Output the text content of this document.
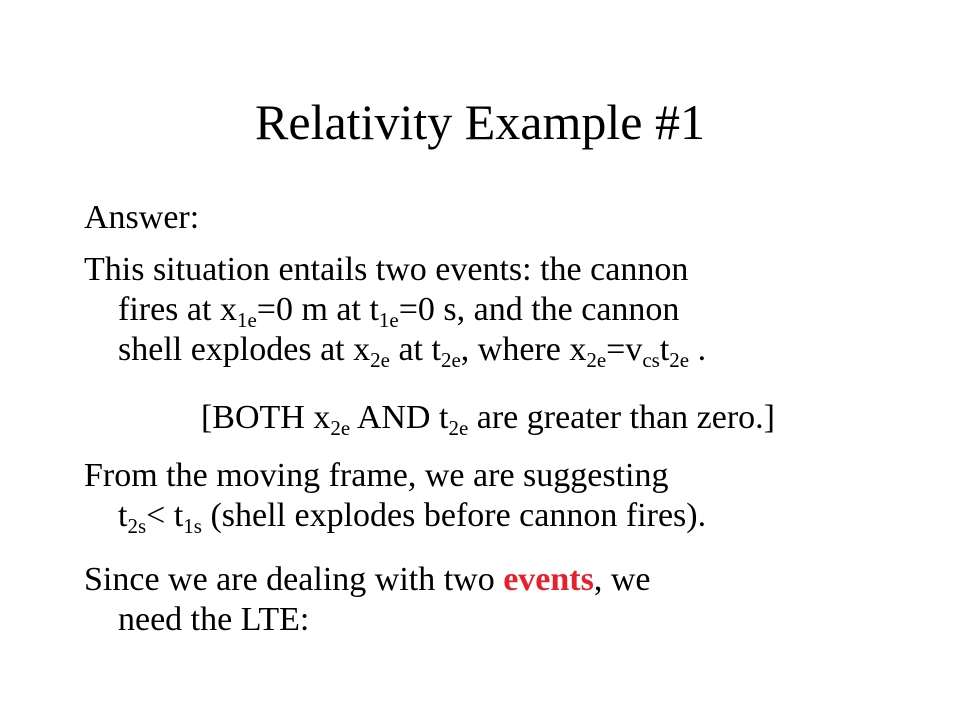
Relativity Example #1
Answer:
This situation entails two events: the cannon
fires at $x_{1e}=0$ m at $t_{1e}=0$ s, and the cannon
shell explodes at $x_{2e}$ at $t_{2e}$, where $x_{2e}=v_{cs}t_{2e}$ .
[BOTH $x_{2e}$ AND $t_{2e}$ are greater than zero.]
From the moving frame, we are suggesting
$t_{2s}< t_{1s}$ (shell explodes before cannon fires).
Since we are dealing with two events, we
need the LTE:
